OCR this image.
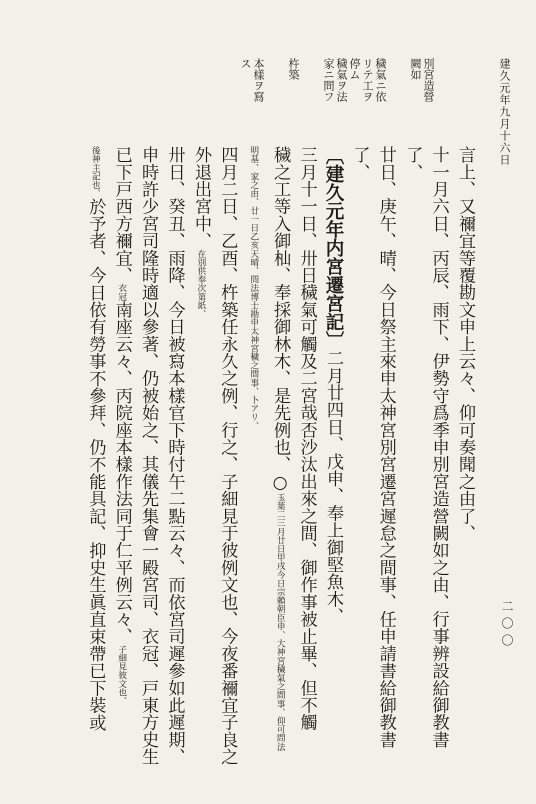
建久元年九月十六日
二〇〇
別宮造營
闕如
穢氣ニ依
リテ工ヲ
停ム
穢氣ヲ法
家ニ問フ
杵築
本樣ヲ寫
ス
言上、又禰宜等覆勘文申上云々、仰可奏聞之由了、
十一月六日、丙辰、雨下、伊勢守爲季申別宮造營闕如之由、行事辨設給御教書
了、
廿日、庚午、晴、今日祭主來申太神宮別宮遷宮遲怠之間事、任申請書給御教書
了、
〔建久元年内宮遷宮記〕二月廿四日、戊申、奉上御堅魚木、
三月十一日、卅日穢氣可觸及二宮哉否沙汰出來之間、御作事被止畢、但不觸
穢之工等入御杣、奉採御林木、是先例也、○玉葉二三月廿日甲戌今日宗賴朝臣申、大神宮穢氣之間事、仰可問法
明基、家之由、廿一日乙亥天晴、問法博士勘申太神宮穢之間事、卜アリ、
四月二日、乙酉、杵築任永久之例、行之、子細見于彼例文也、今夜番禰宜子良之
外退出宮中、在別供奉次第紙、
卅日、癸丑、雨降、今日被寫本樣官下時付午二點云々、而依宮司遲參如此遲期、
申時許少宮司隆時適以參著、仍被始之、其儀先集會一殿宮司、衣冠、戸東方史生
已下戸西方禰宜、衣冠南座云々、丙院座本樣作法同于仁平例云々、子細見彼文也、
後神主記也、於予者、今日依有勞事不參拜、仍不能具記、抑史生眞直束帶已下裝或
